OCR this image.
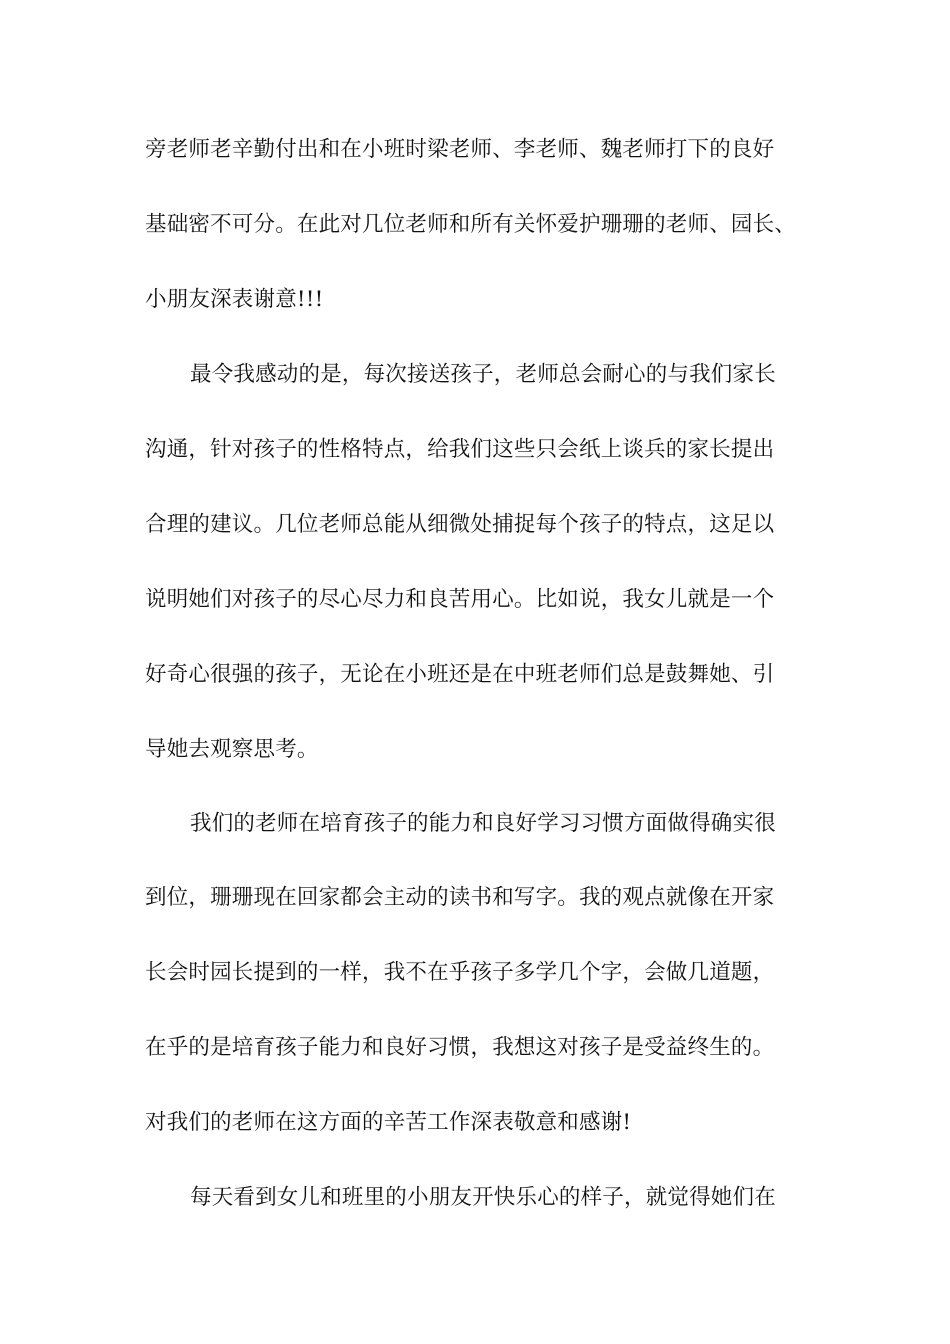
旁老师老辛勤付出和在小班时梁老师、李老师、魏老师打下的良好
基础密不可分。在此对几位老师和所有关怀爱护珊珊的老师、园长、
小朋友深表谢意!!!
最令我感动的是，每次接送孩子，老师总会耐心的与我们家长
沟通，针对孩子的性格特点，给我们这些只会纸上谈兵的家长提出
合理的建议。几位老师总能从细微处捕捉每个孩子的特点，这足以
说明她们对孩子的尽心尽力和良苦用心。比如说，我女儿就是一个
好奇心很强的孩子，无论在小班还是在中班老师们总是鼓舞她、引
导她去观察思考。
我们的老师在培育孩子的能力和良好学习习惯方面做得确实很
到位，珊珊现在回家都会主动的读书和写字。我的观点就像在开家
长会时园长提到的一样，我不在乎孩子多学几个字，会做几道题，
在乎的是培育孩子能力和良好习惯，我想这对孩子是受益终生的。
对我们的老师在这方面的辛苦工作深表敬意和感谢!
每天看到女儿和班里的小朋友开快乐心的样子，就觉得她们在
